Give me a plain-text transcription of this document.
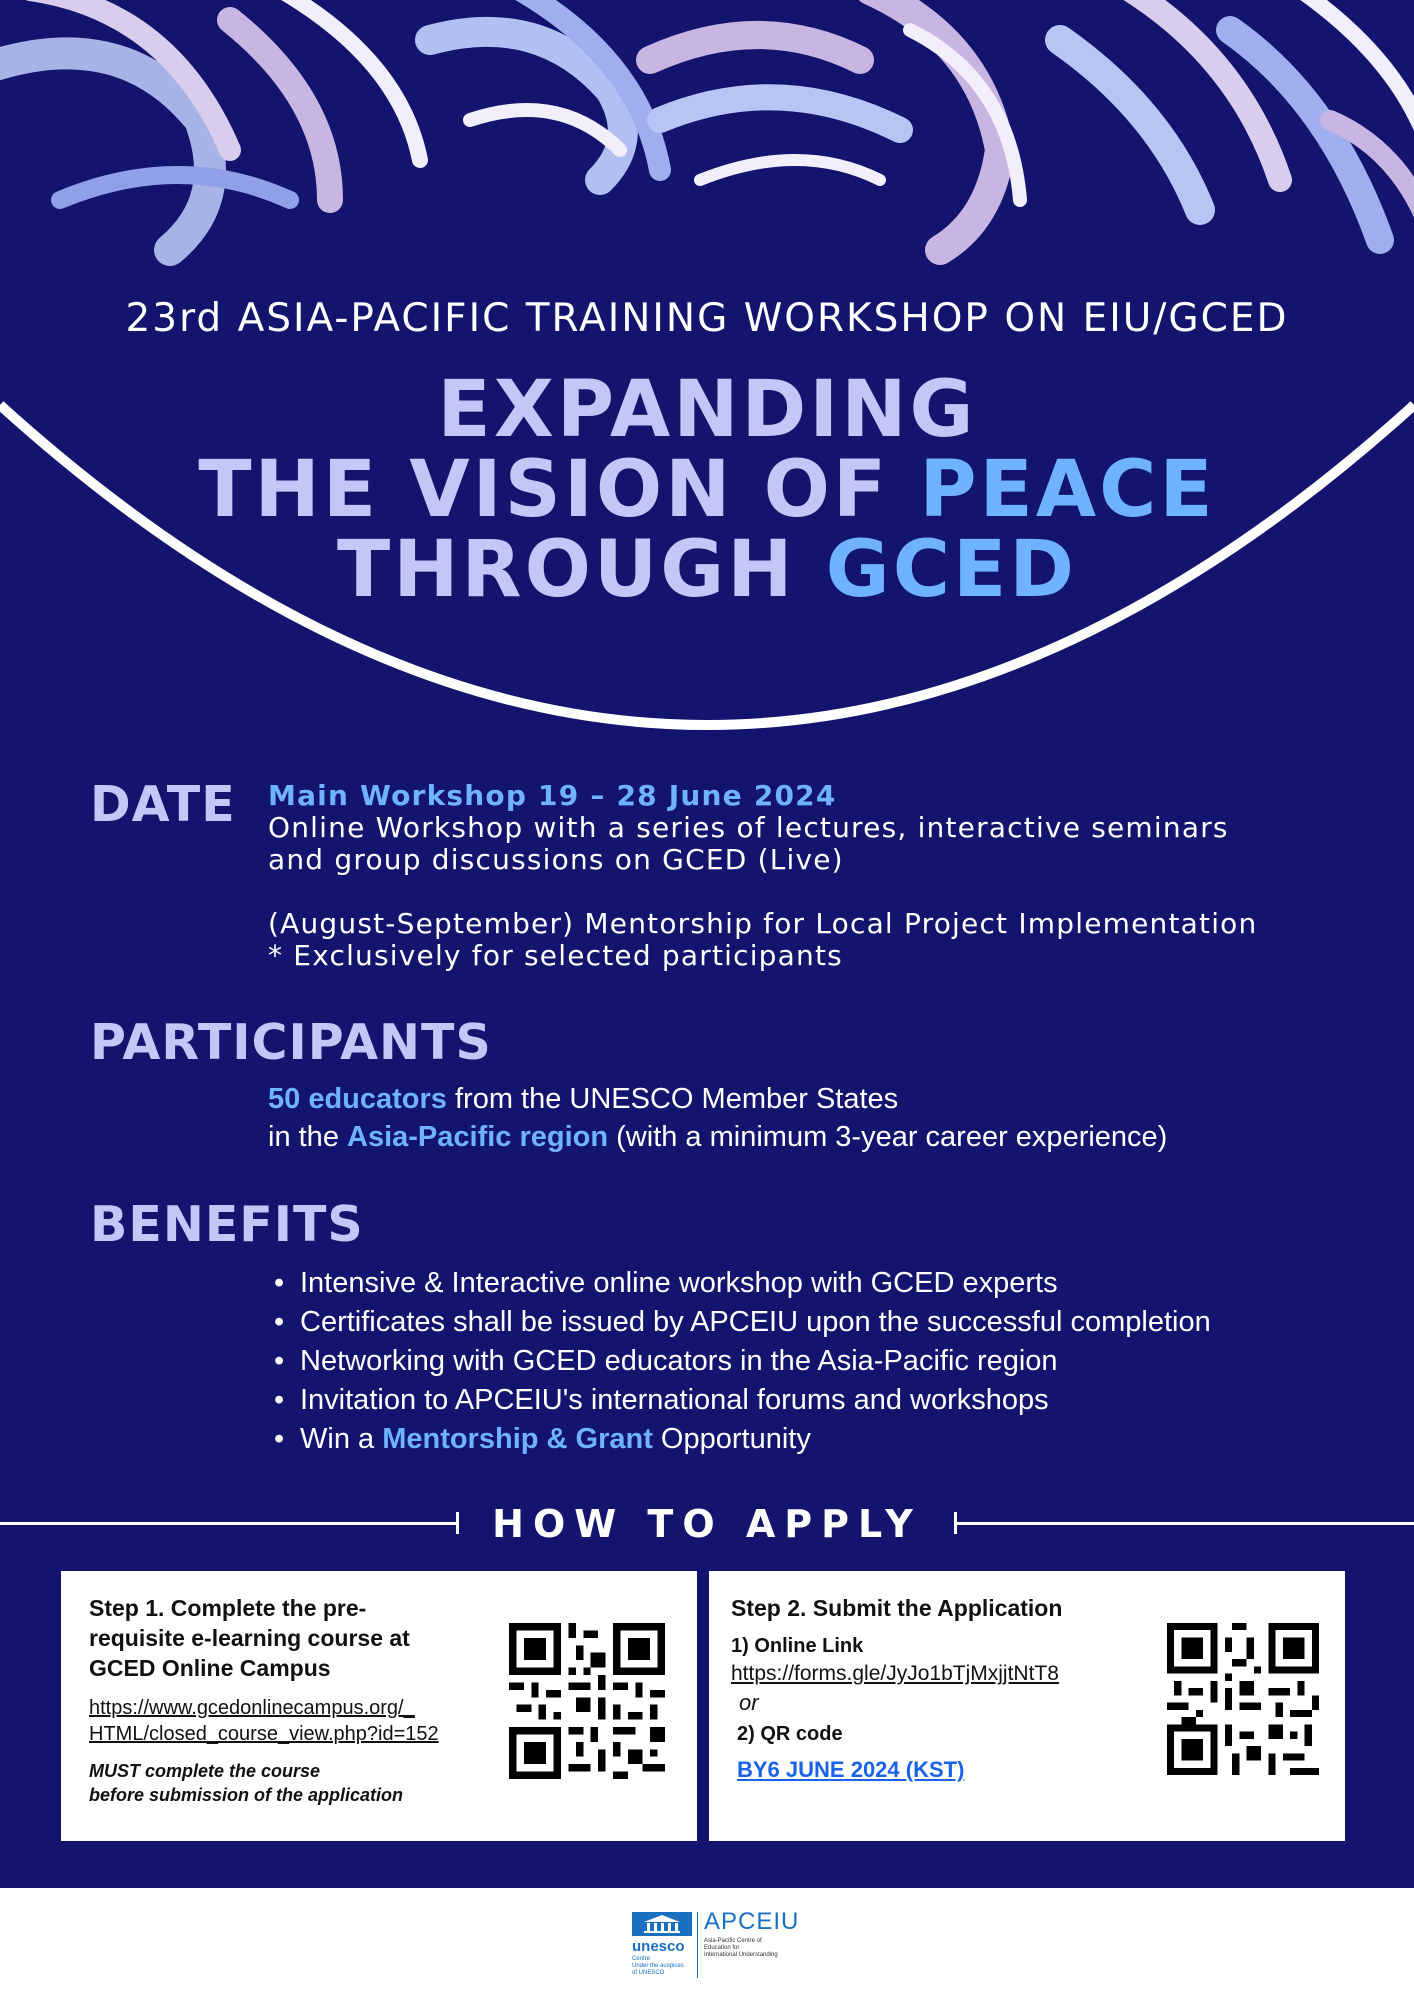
23rd ASIA-PACIFIC TRAINING WORKSHOP ON EIU/GCED
EXPANDING
THE VISION OF PEACE
THROUGH GCED
DATE Main Workshop 19 – 28 June 2024
Online Workshop with a series of lectures, interactive seminars
and group discussions on GCED (Live)
(August-September) Mentorship for Local Project Implementation
* Exclusively for selected participants
PARTICIPANTS
50 educators from the UNESCO Member States
in the Asia-Pacific region (with a minimum 3-year career experience)
BENEFITS
• Intensive & Interactive online workshop with GCED experts
• Certificates shall be issued by APCEIU upon the successful completion
• Networking with GCED educators in the Asia-Pacific region
• Invitation to APCEIU's international forums and workshops
• Win a Mentorship & Grant Opportunity
HOW TO APPLY
Step 1. Complete the pre-
requisite e-learning course at
GCED Online Campus
https://www.gcedonlinecampus.org/_
HTML/closed_course_view.php?id=152
MUST complete the course
before submission of the application
Step 2. Submit the Application
1) Online Link
https://forms.gle/JyJo1bTjMxjjtNtT8
or
2) QR code
BY6 JUNE 2024 (KST)
unesco
Centre
Under the auspices
of UNESCO
APCEIU
Asia-Pacific Centre of
Education for
International Understanding
